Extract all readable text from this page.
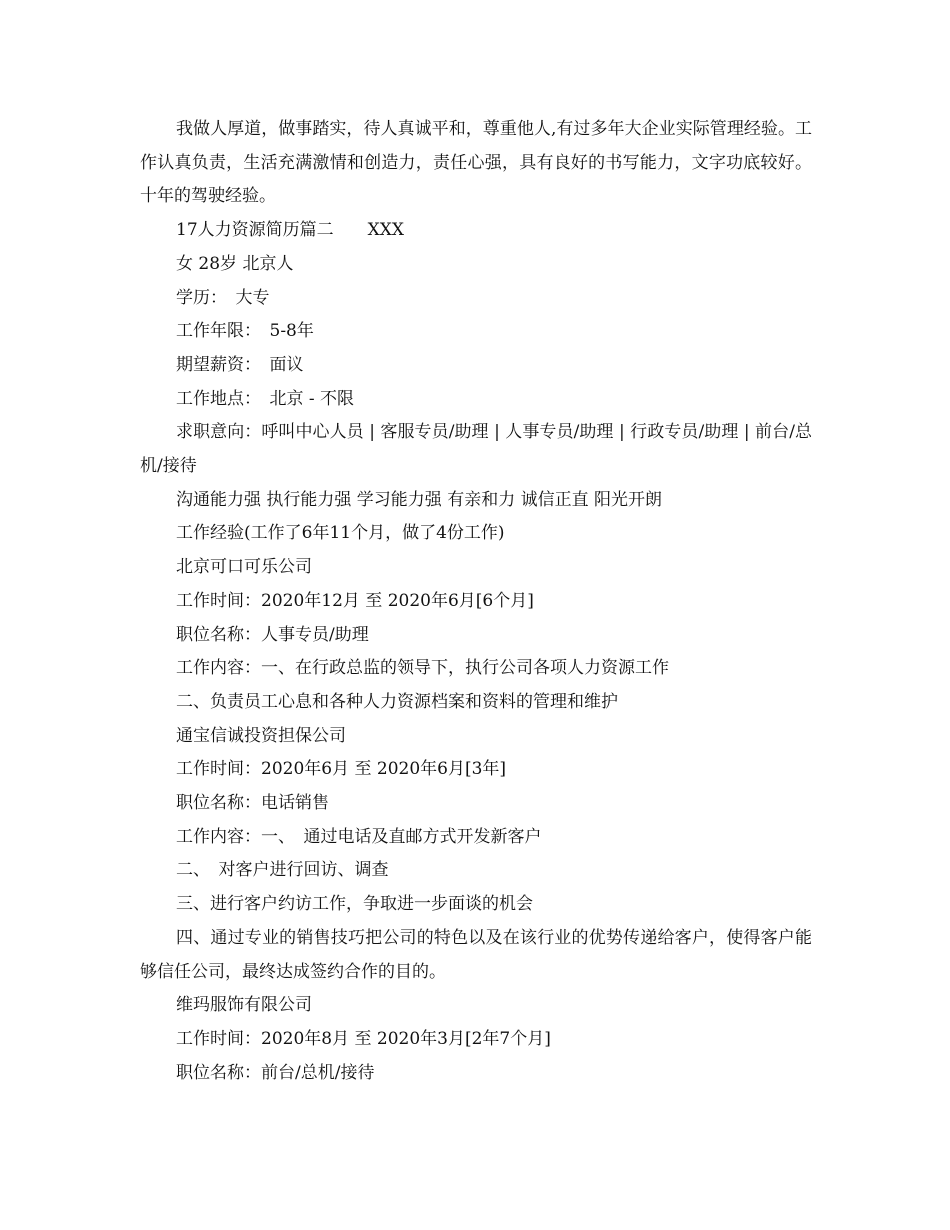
我做人厚道，做事踏实，待人真诚平和，尊重他人,有过多年大企业实际管理经验。工作认真负责，生活充满激情和创造力，责任心强，具有良好的书写能力，文字功底较好。十年的驾驶经验。

17人力资源简历篇二　　XXX

女 28岁 北京人

学历：　大专

工作年限：　5-8年

期望薪资：　面议

工作地点：　北京 - 不限

求职意向：呼叫中心人员 | 客服专员/助理 | 人事专员/助理 | 行政专员/助理 | 前台/总机/接待

沟通能力强 执行能力强 学习能力强 有亲和力 诚信正直 阳光开朗

工作经验(工作了6年11个月，做了4份工作)

北京可口可乐公司

工作时间：2020年12月 至 2020年6月[6个月]

职位名称：人事专员/助理

工作内容：一、在行政总监的领导下，执行公司各项人力资源工作

二、负责员工心息和各种人力资源档案和资料的管理和维护

通宝信诚投资担保公司

工作时间：2020年6月 至 2020年6月[3年]

职位名称：电话销售

工作内容：一、　通过电话及直邮方式开发新客户

二、　对客户进行回访、调查

三、进行客户约访工作，争取进一步面谈的机会

四、通过专业的销售技巧把公司的特色以及在该行业的优势传递给客户，使得客户能够信任公司，最终达成签约合作的目的。

维玛服饰有限公司

工作时间：2020年8月 至 2020年3月[2年7个月]

职位名称：前台/总机/接待
